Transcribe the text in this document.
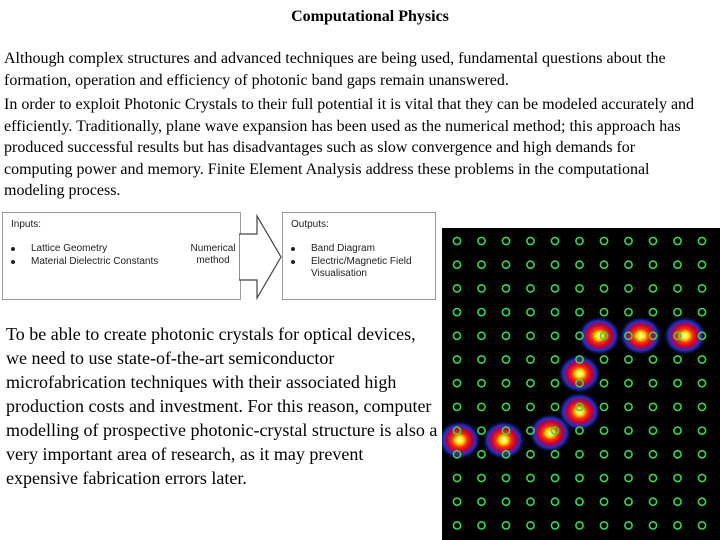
Computational Physics

Although complex structures and advanced techniques are being used, fundamental questions about the formation, operation and efficiency of photonic band gaps remain unanswered.

In order to exploit Photonic Crystals to their full potential it is vital that they can be modeled accurately and efficiently. Traditionally, plane wave expansion has been used as the numerical method; this approach has produced successful results but has disadvantages such as slow convergence and high demands for computing power and memory. Finite Element Analysis address these problems in the computational modeling process.

Inputs:
Lattice Geometry
Material Dielectric Constants
Numerical method
Outputs:
Band Diagram
Electric/Magnetic Field Visualisation

To be able to create photonic crystals for optical devices, we need to use state-of-the-art semiconductor microfabrication techniques with their associated high production costs and investment. For this reason, computer modelling of prospective photonic-crystal structure is also a very important area of research, as it may prevent expensive fabrication errors later.
